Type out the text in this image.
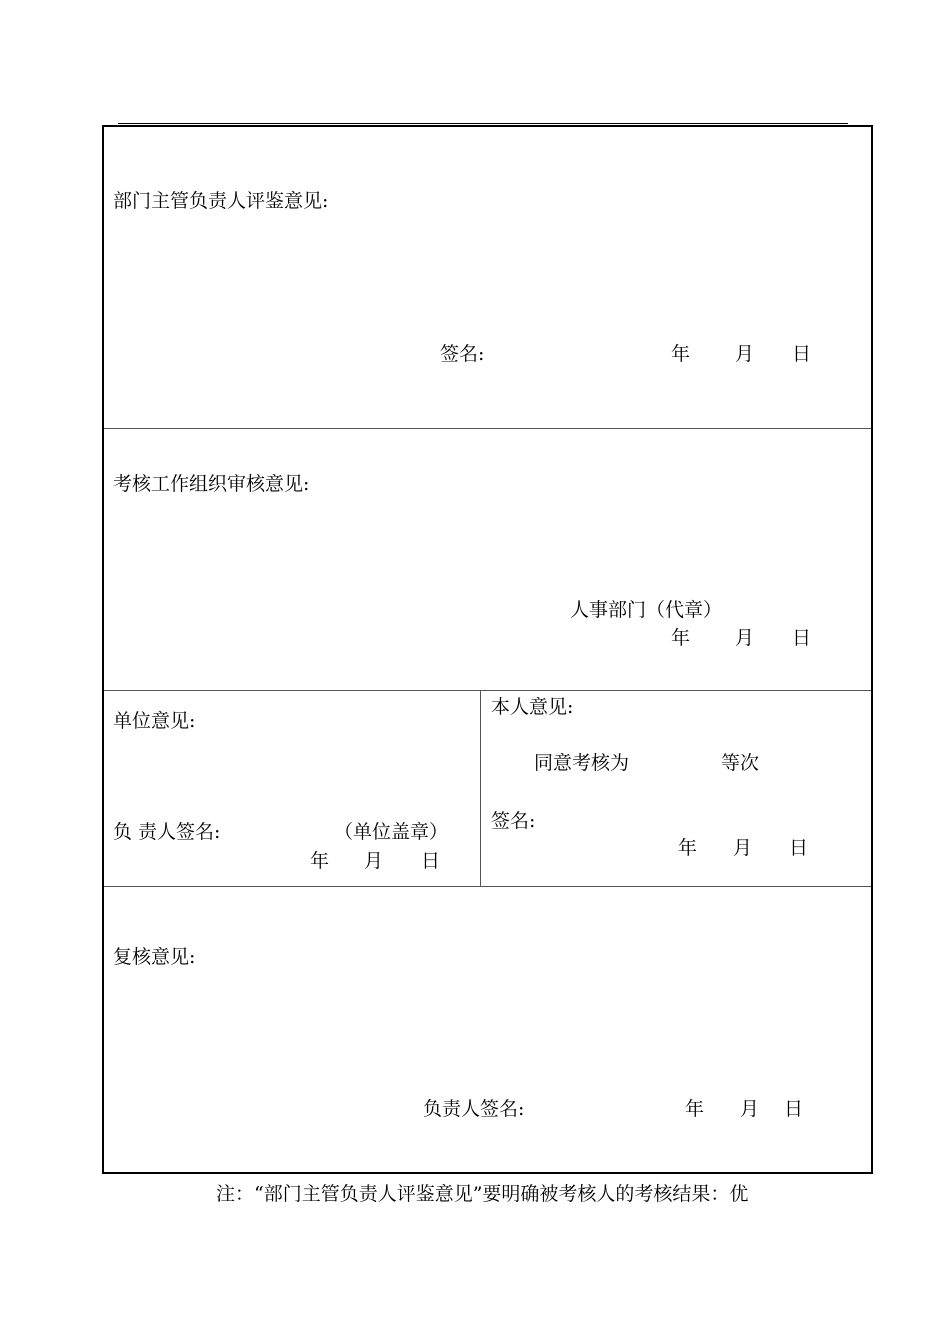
部门主管负责人评鉴意见:
签名:	年 月 日
考核工作组织审核意见:
人事部门（代章）
年 月 日
单位意见:
负 责人签名:	（单位盖章）
年 月 日
本人意见:
同意考核为	等次
签名:
年 月 日
复核意见:
负责人签名:	年 月 日
注：“部门主管负责人评鉴意见”要明确被考核人的考核结果：优
